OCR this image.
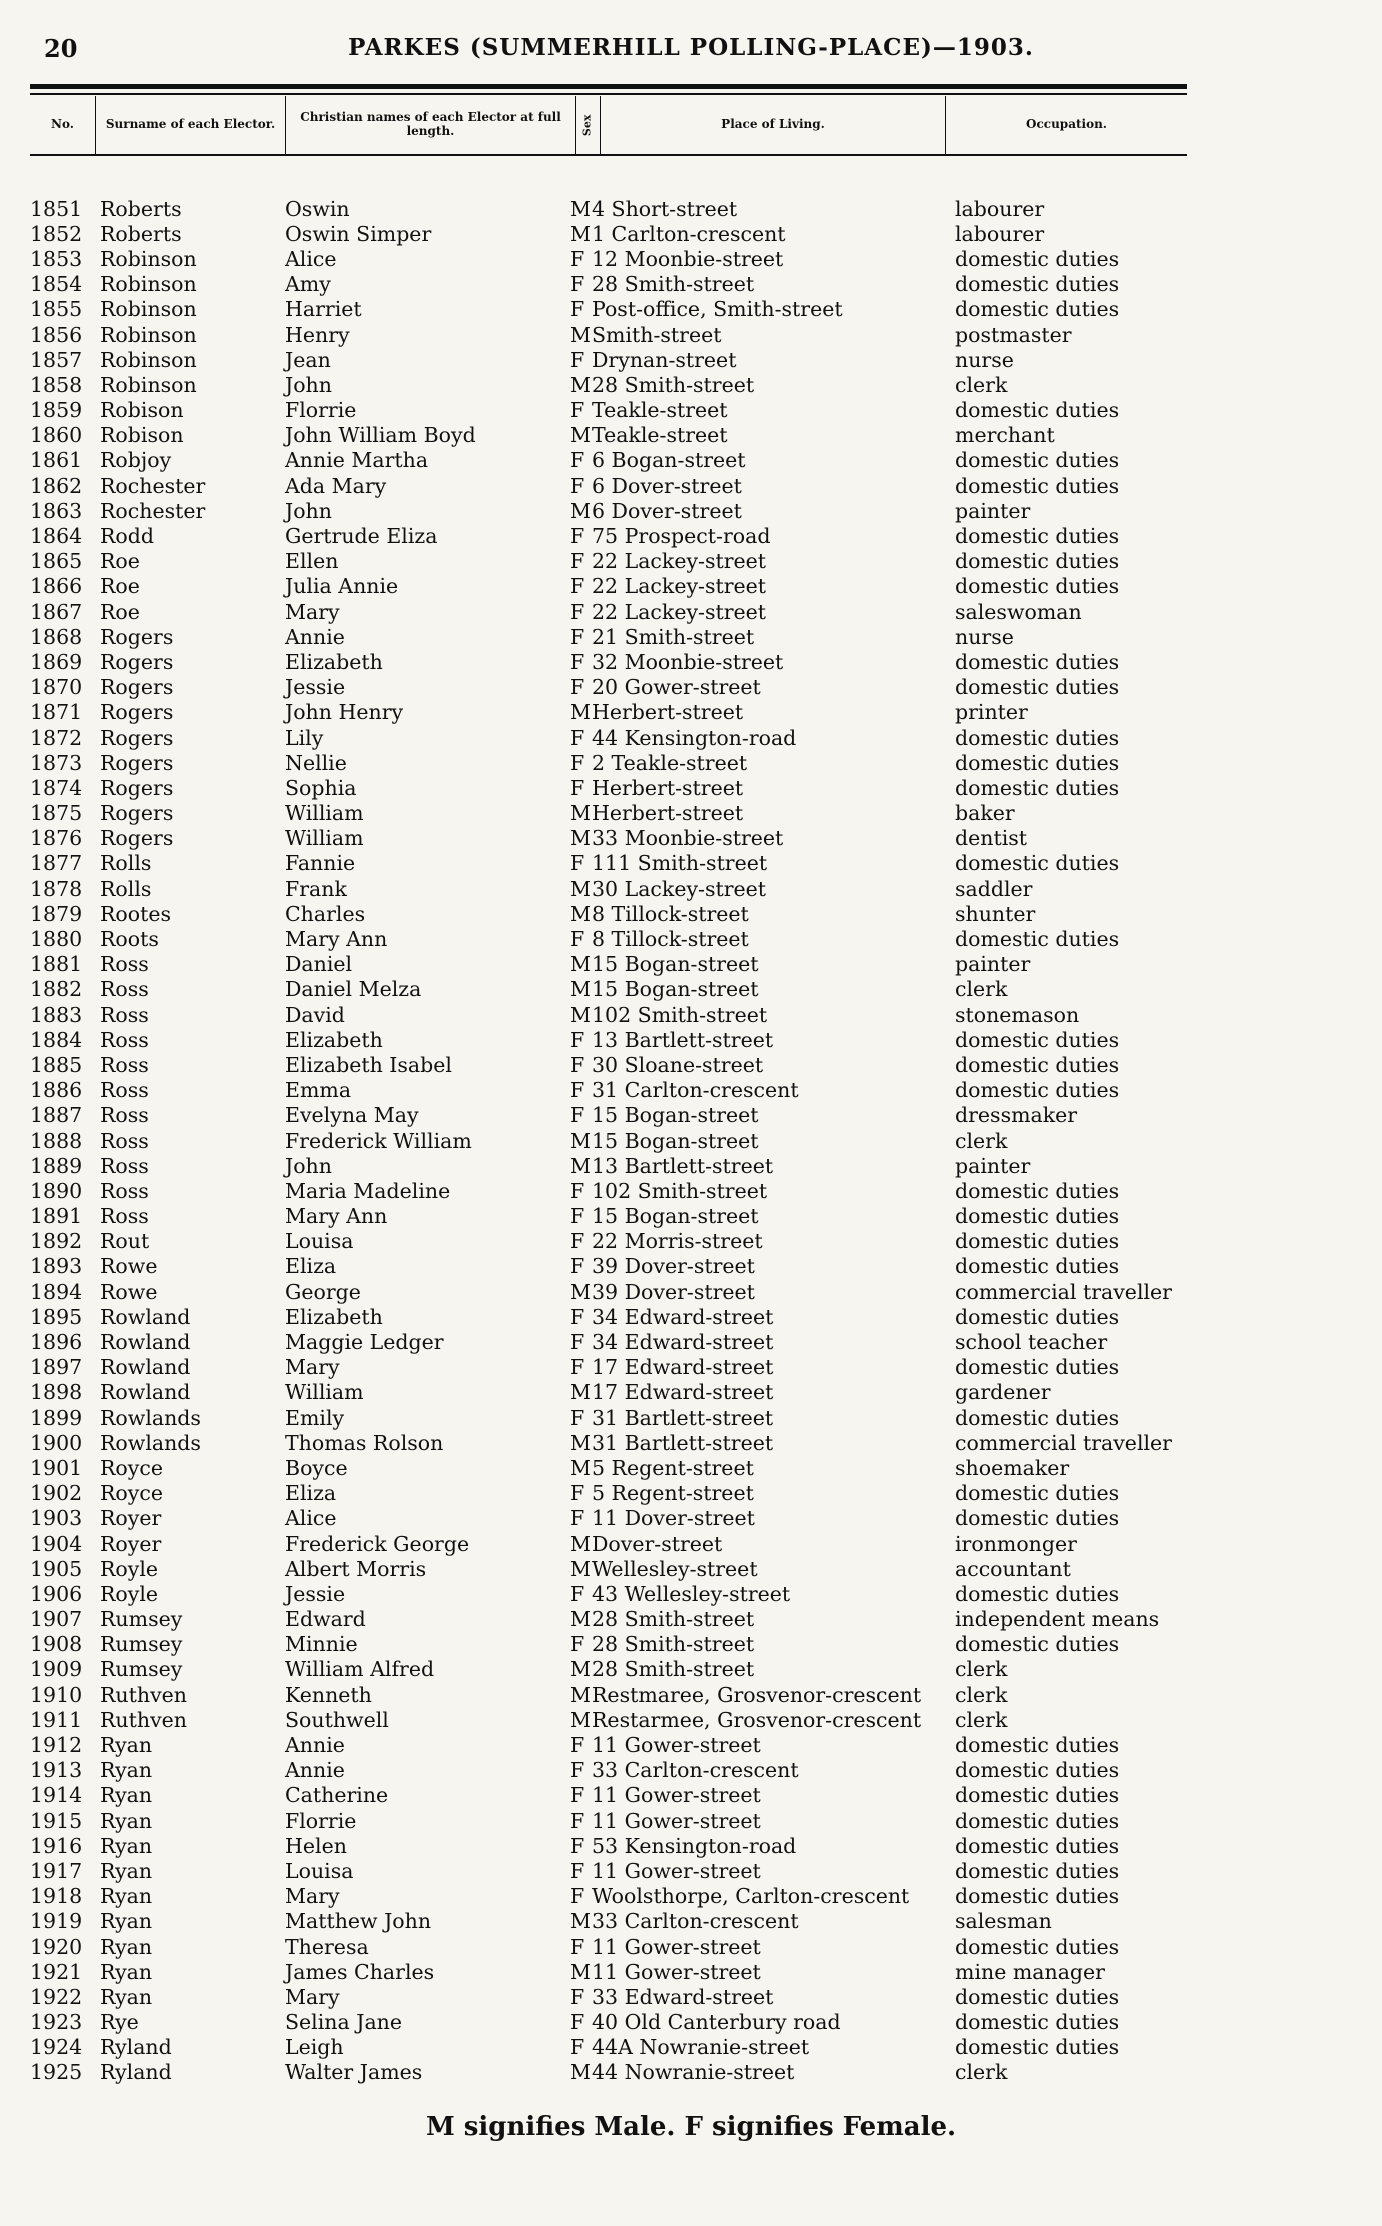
20	PARKES (SUMMERHILL POLLING-PLACE)—1903.
No.	Surname of each Elector.	Christian names of each Elector at full length.	Sex	Place of Living.	Occupation.
1851 Roberts	Oswin	M 4 Short-street	labourer
1852 Roberts	Oswin Simper	M 1 Carlton-crescent	labourer
1853 Robinson	Alice	F 12 Moonbie-street	domestic duties
1854 Robinson	Amy	F 28 Smith-street	domestic duties
1855 Robinson	Harriet	F Post-office, Smith-street	domestic duties
1856 Robinson	Henry	M Smith-street	postmaster
1857 Robinson	Jean	F Drynan-street	nurse
1858 Robinson	John	M 28 Smith-street	clerk
1859 Robison	Florrie	F Teakle-street	domestic duties
1860 Robison	John William Boyd	M Teakle-street	merchant
1861 Robjoy	Annie Martha	F 6 Bogan-street	domestic duties
1862 Rochester	Ada Mary	F 6 Dover-street	domestic duties
1863 Rochester	John	M 6 Dover-street	painter
1864 Rodd	Gertrude Eliza	F 75 Prospect-road	domestic duties
1865 Roe	Ellen	F 22 Lackey-street	domestic duties
1866 Roe	Julia Annie	F 22 Lackey-street	domestic duties
1867 Roe	Mary	F 22 Lackey-street	saleswoman
1868 Rogers	Annie	F 21 Smith-street	nurse
1869 Rogers	Elizabeth	F 32 Moonbie-street	domestic duties
1870 Rogers	Jessie	F 20 Gower-street	domestic duties
1871 Rogers	John Henry	M Herbert-street	printer
1872 Rogers	Lily	F 44 Kensington-road	domestic duties
1873 Rogers	Nellie	F 2 Teakle-street	domestic duties
1874 Rogers	Sophia	F Herbert-street	domestic duties
1875 Rogers	William	M Herbert-street	baker
1876 Rogers	William	M 33 Moonbie-street	dentist
1877 Rolls	Fannie	F 111 Smith-street	domestic duties
1878 Rolls	Frank	M 30 Lackey-street	saddler
1879 Rootes	Charles	M 8 Tillock-street	shunter
1880 Roots	Mary Ann	F 8 Tillock-street	domestic duties
1881 Ross	Daniel	M 15 Bogan-street	painter
1882 Ross	Daniel Melza	M 15 Bogan-street	clerk
1883 Ross	David	M 102 Smith-street	stonemason
1884 Ross	Elizabeth	F 13 Bartlett-street	domestic duties
1885 Ross	Elizabeth Isabel	F 30 Sloane-street	domestic duties
1886 Ross	Emma	F 31 Carlton-crescent	domestic duties
1887 Ross	Evelyna May	F 15 Bogan-street	dressmaker
1888 Ross	Frederick William	M 15 Bogan-street	clerk
1889 Ross	John	M 13 Bartlett-street	painter
1890 Ross	Maria Madeline	F 102 Smith-street	domestic duties
1891 Ross	Mary Ann	F 15 Bogan-street	domestic duties
1892 Rout	Louisa	F 22 Morris-street	domestic duties
1893 Rowe	Eliza	F 39 Dover-street	domestic duties
1894 Rowe	George	M 39 Dover-street	commercial traveller
1895 Rowland	Elizabeth	F 34 Edward-street	domestic duties
1896 Rowland	Maggie Ledger	F 34 Edward-street	school teacher
1897 Rowland	Mary	F 17 Edward-street	domestic duties
1898 Rowland	William	M 17 Edward-street	gardener
1899 Rowlands	Emily	F 31 Bartlett-street	domestic duties
1900 Rowlands	Thomas Rolson	M 31 Bartlett-street	commercial traveller
1901 Royce	Boyce	M 5 Regent-street	shoemaker
1902 Royce	Eliza	F 5 Regent-street	domestic duties
1903 Royer	Alice	F 11 Dover-street	domestic duties
1904 Royer	Frederick George	M Dover-street	ironmonger
1905 Royle	Albert Morris	M Wellesley-street	accountant
1906 Royle	Jessie	F 43 Wellesley-street	domestic duties
1907 Rumsey	Edward	M 28 Smith-street	independent means
1908 Rumsey	Minnie	F 28 Smith-street	domestic duties
1909 Rumsey	William Alfred	M 28 Smith-street	clerk
1910 Ruthven	Kenneth	M Restmaree, Grosvenor-crescent	clerk
1911 Ruthven	Southwell	M Restarmee, Grosvenor-crescent	clerk
1912 Ryan	Annie	F 11 Gower-street	domestic duties
1913 Ryan	Annie	F 33 Carlton-crescent	domestic duties
1914 Ryan	Catherine	F 11 Gower-street	domestic duties
1915 Ryan	Florrie	F 11 Gower-street	domestic duties
1916 Ryan	Helen	F 53 Kensington-road	domestic duties
1917 Ryan	Louisa	F 11 Gower-street	domestic duties
1918 Ryan	Mary	F Woolsthorpe, Carlton-crescent	domestic duties
1919 Ryan	Matthew John	M 33 Carlton-crescent	salesman
1920 Ryan	Theresa	F 11 Gower-street	domestic duties
1921 Ryan	James Charles	M 11 Gower-street	mine manager
1922 Ryan	Mary	F 33 Edward-street	domestic duties
1923 Rye	Selina Jane	F 40 Old Canterbury road	domestic duties
1924 Ryland	Leigh	F 44A Nowranie-street	domestic duties
1925 Ryland	Walter James	M 44 Nowranie-street	clerk
M signifies Male. F signifies Female.
